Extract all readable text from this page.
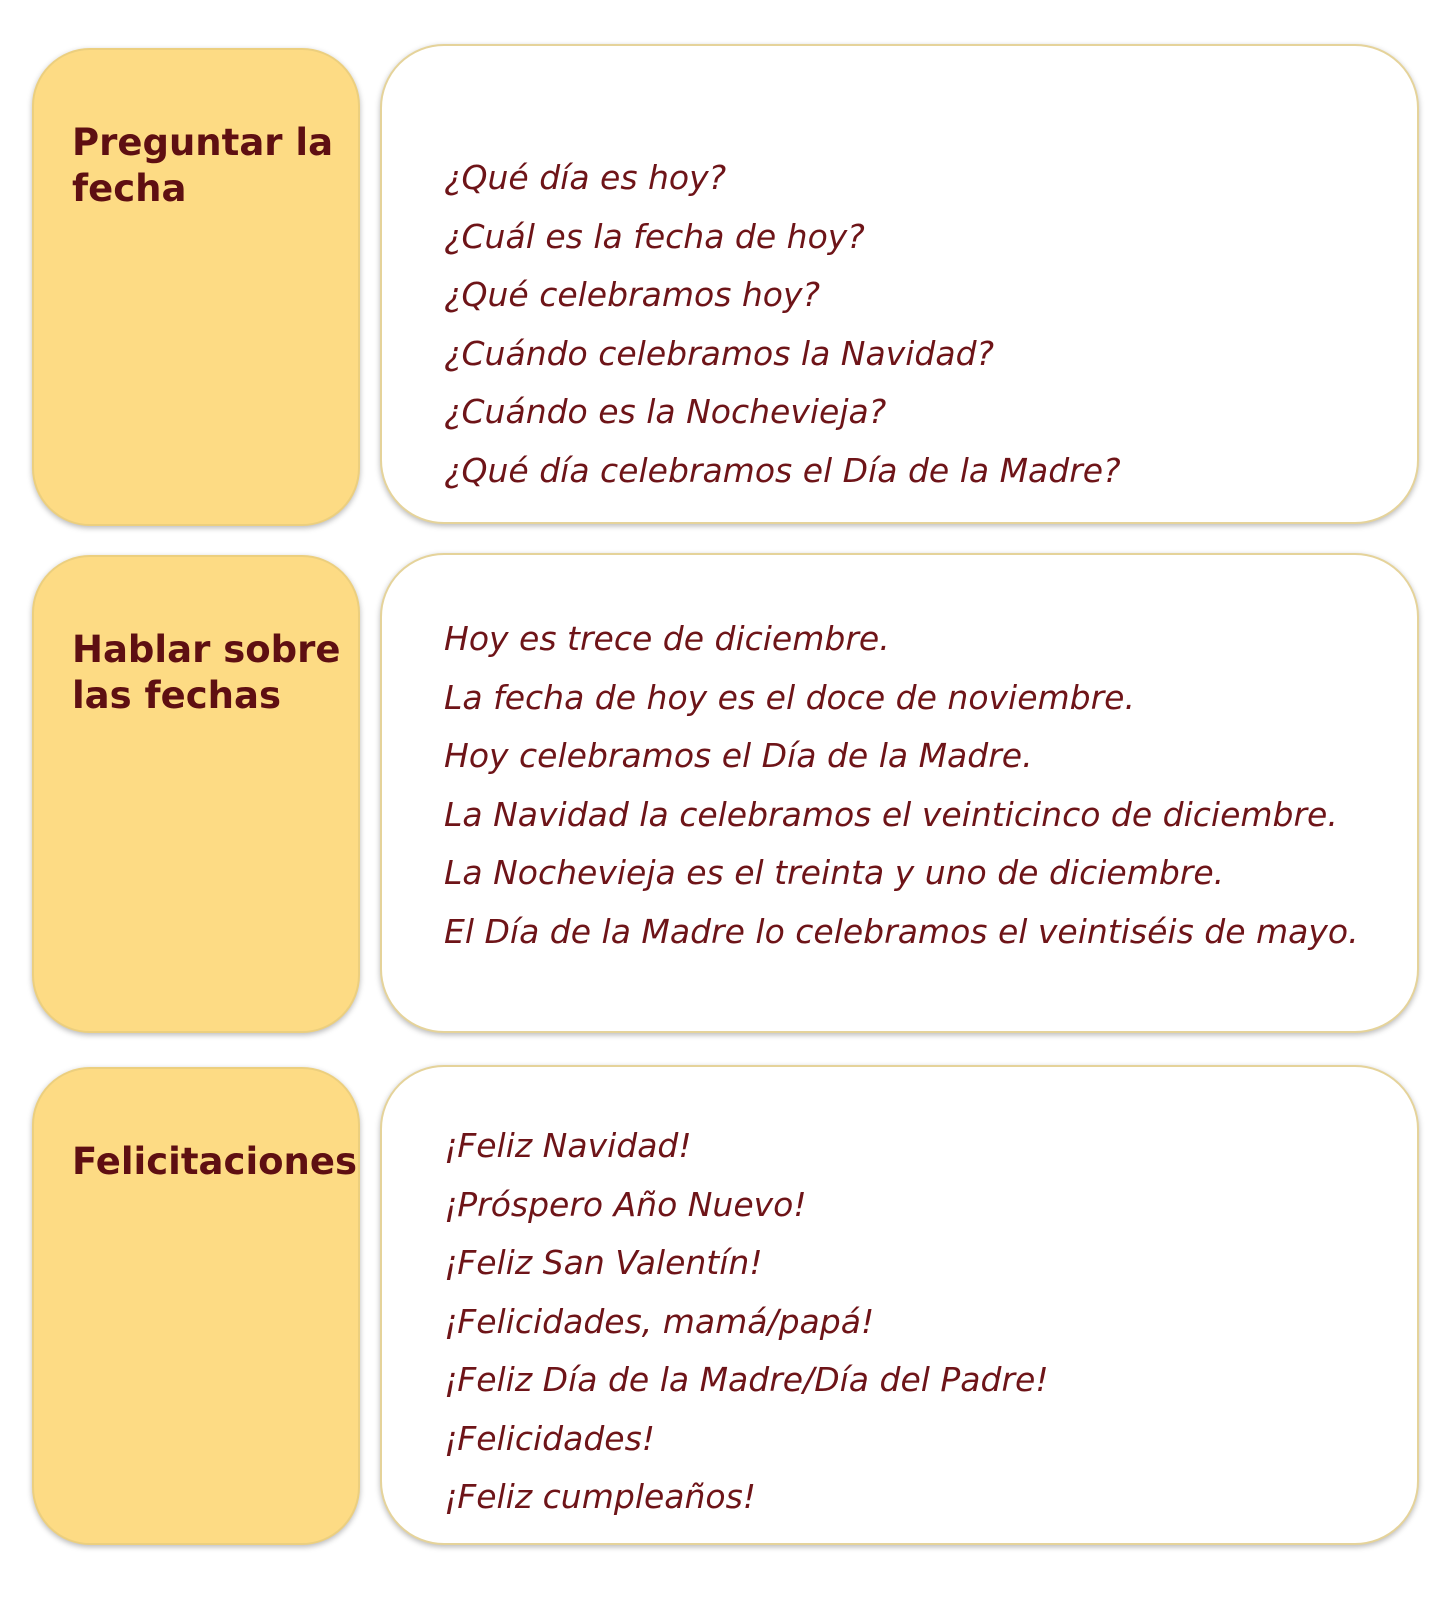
Preguntar la fecha	¿Qué día es hoy?
¿Cuál es la fecha de hoy?
¿Qué celebramos hoy?
¿Cuándo celebramos la Navidad?
¿Cuándo es la Nochevieja?
¿Qué día celebramos el Día de la Madre?
Hablar sobre las fechas
Hoy es trece de diciembre.
La fecha de hoy es el doce de noviembre.
Hoy celebramos el Día de la Madre.
La Navidad la celebramos el veinticinco de diciembre.
La Nochevieja es el treinta y uno de diciembre.
El Día de la Madre lo celebramos el veintiséis de mayo.
Felicitaciones	¡Feliz Navidad!
¡Próspero Año Nuevo!
¡Feliz San Valentín!
¡Felicidades, mamá/papá!
¡Feliz Día de la Madre/Día del Padre!
¡Felicidades!
¡Feliz cumpleaños!
